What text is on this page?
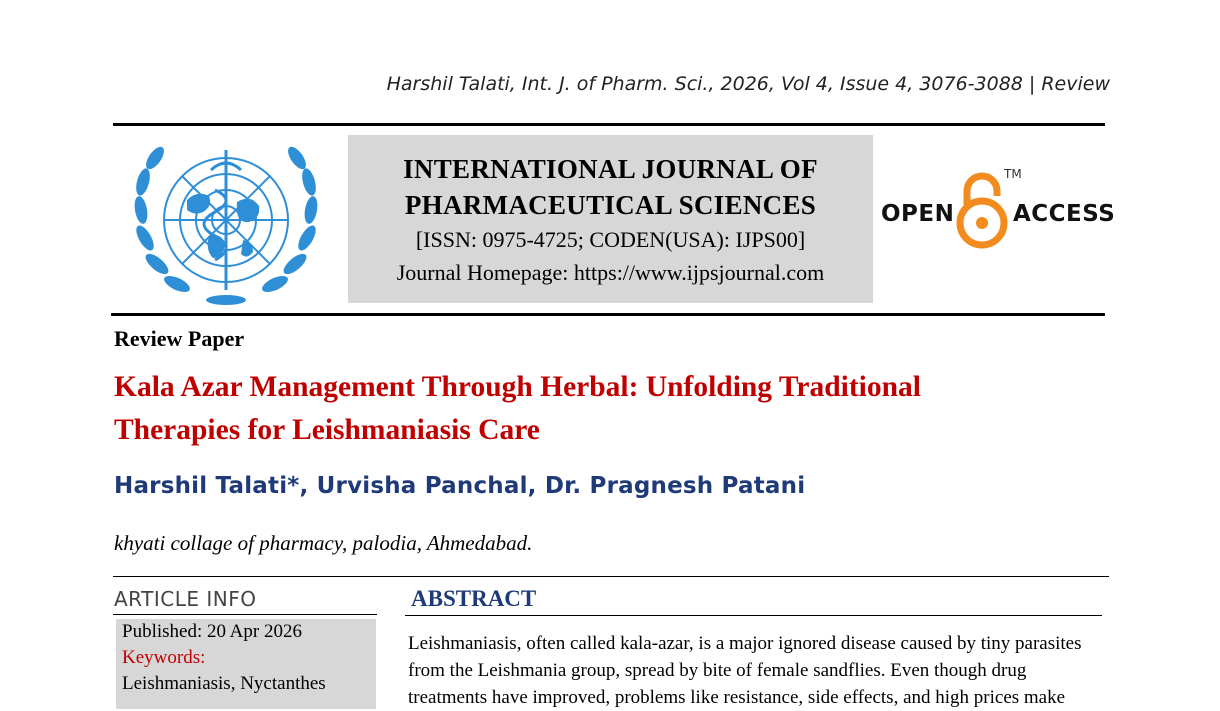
Harshil Talati, Int. J. of Pharm. Sci., 2026, Vol 4, Issue 4, 3076-3088 | Review
INTERNATIONAL JOURNAL OF
PHARMACEUTICAL SCIENCES
[ISSN: 0975-4725; CODEN(USA): IJPS00]
Journal Homepage: https://www.ijpsjournal.com
OPEN
TM
ACCESS
Review Paper
Kala Azar Management Through Herbal: Unfolding Traditional
Therapies for Leishmaniasis Care
Harshil Talati*, Urvisha Panchal, Dr. Pragnesh Patani
khyati collage of pharmacy, palodia, Ahmedabad.
ARTICLE INFO
Published: 20 Apr 2026
Keywords:
Leishmaniasis, Nyctanthes
ABSTRACT
Leishmaniasis, often called kala-azar, is a major ignored disease caused by tiny parasites
from the Leishmania group, spread by bite of female sandflies. Even though drug
treatments have improved, problems like resistance, side effects, and high prices make
